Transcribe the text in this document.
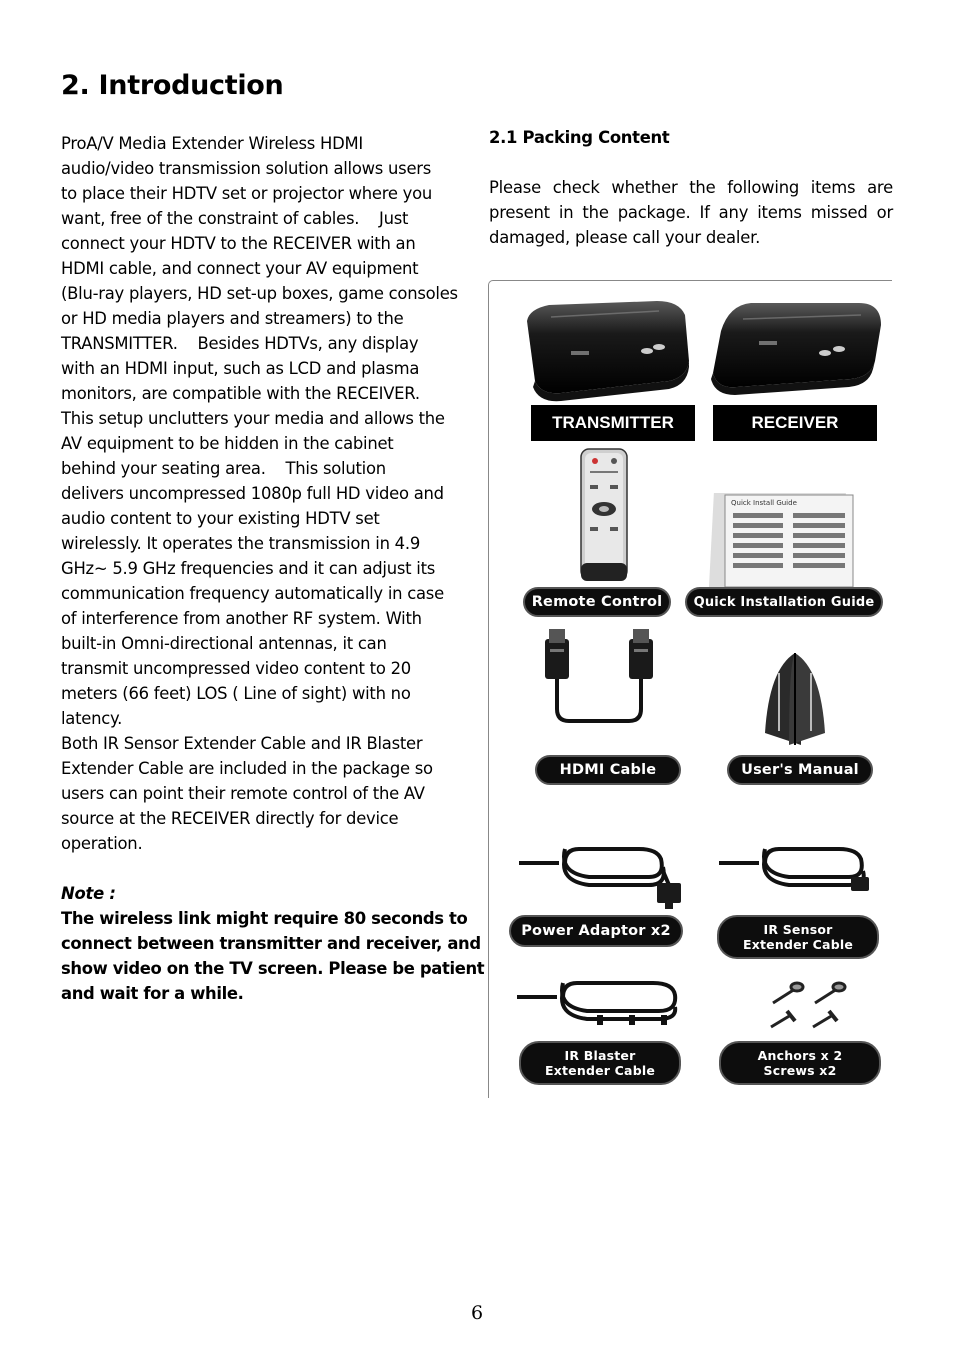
2. Introduction

ProA/V Media Extender Wireless HDMI

audio/video transmission solution allows users

to place their HDTV set or projector where you

want, free of the constraint of cables.    Just

connect your HDTV to the RECEIVER with an

HDMI cable, and connect your AV equipment

(Blu-ray players, HD set-up boxes, game consoles

or HD media players and streamers) to the

TRANSMITTER.    Besides HDTVs, any display

with an HDMI input, such as LCD and plasma

monitors, are compatible with the RECEIVER.

This setup unclutters your media and allows the

AV equipment to be hidden in the cabinet

behind your seating area.    This solution

delivers uncompressed 1080p full HD video and

audio content to your existing HDTV set

wirelessly. It operates the transmission in 4.9

GHz~ 5.9 GHz frequencies and it can adjust its

communication frequency automatically in case

of interference from another RF system. With

built-in Omni-directional antennas, it can

transmit uncompressed video content to 20

meters (66 feet) LOS ( Line of sight) with no

latency.

Both IR Sensor Extender Cable and IR Blaster

Extender Cable are included in the package so

users can point their remote control of the AV

source at the RECEIVER directly for device

operation.

Note :

The wireless link might require 80 seconds to

connect between transmitter and receiver, and

show video on the TV screen. Please be patient

and wait for a while.

2.1 Packing Content

Please check whether the following items are present in the package. If any items missed or damaged, please call your dealer.

Quick Install Guide
TRANSMITTER	RECEIVER
Remote Control	Quick Installation Guide
HDMI Cable	User's Manual
Power Adaptor x2	IR Sensor
Extender Cable
IR Blaster
Extender Cable
Anchors x 2
Screws x2
6
